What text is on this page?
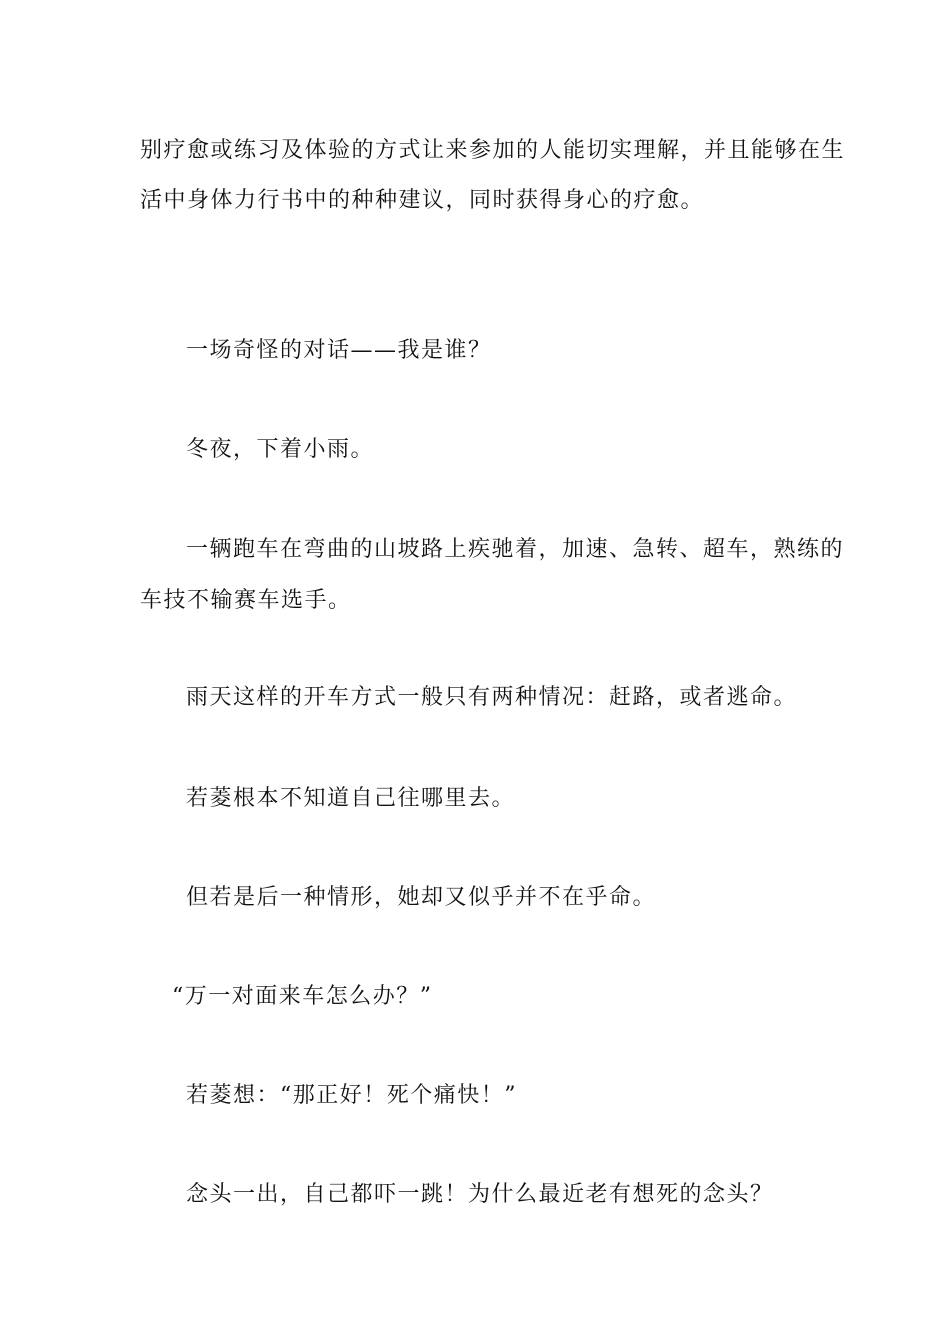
别疗愈或练习及体验的方式让来参加的人能切实理解，并且能够在生
活中身体力行书中的种种建议，同时获得身心的疗愈。
一场奇怪的对话——我是谁？
冬夜，下着小雨。
一辆跑车在弯曲的山坡路上疾驰着，加速、急转、超车，熟练的
车技不输赛车选手。
雨天这样的开车方式一般只有两种情况：赶路，或者逃命。
若菱根本不知道自己往哪里去。
但若是后一种情形，她却又似乎并不在乎命。
“万一对面来车怎么办？”
若菱想：“那正好！死个痛快！”
念头一出，自己都吓一跳！为什么最近老有想死的念头？
